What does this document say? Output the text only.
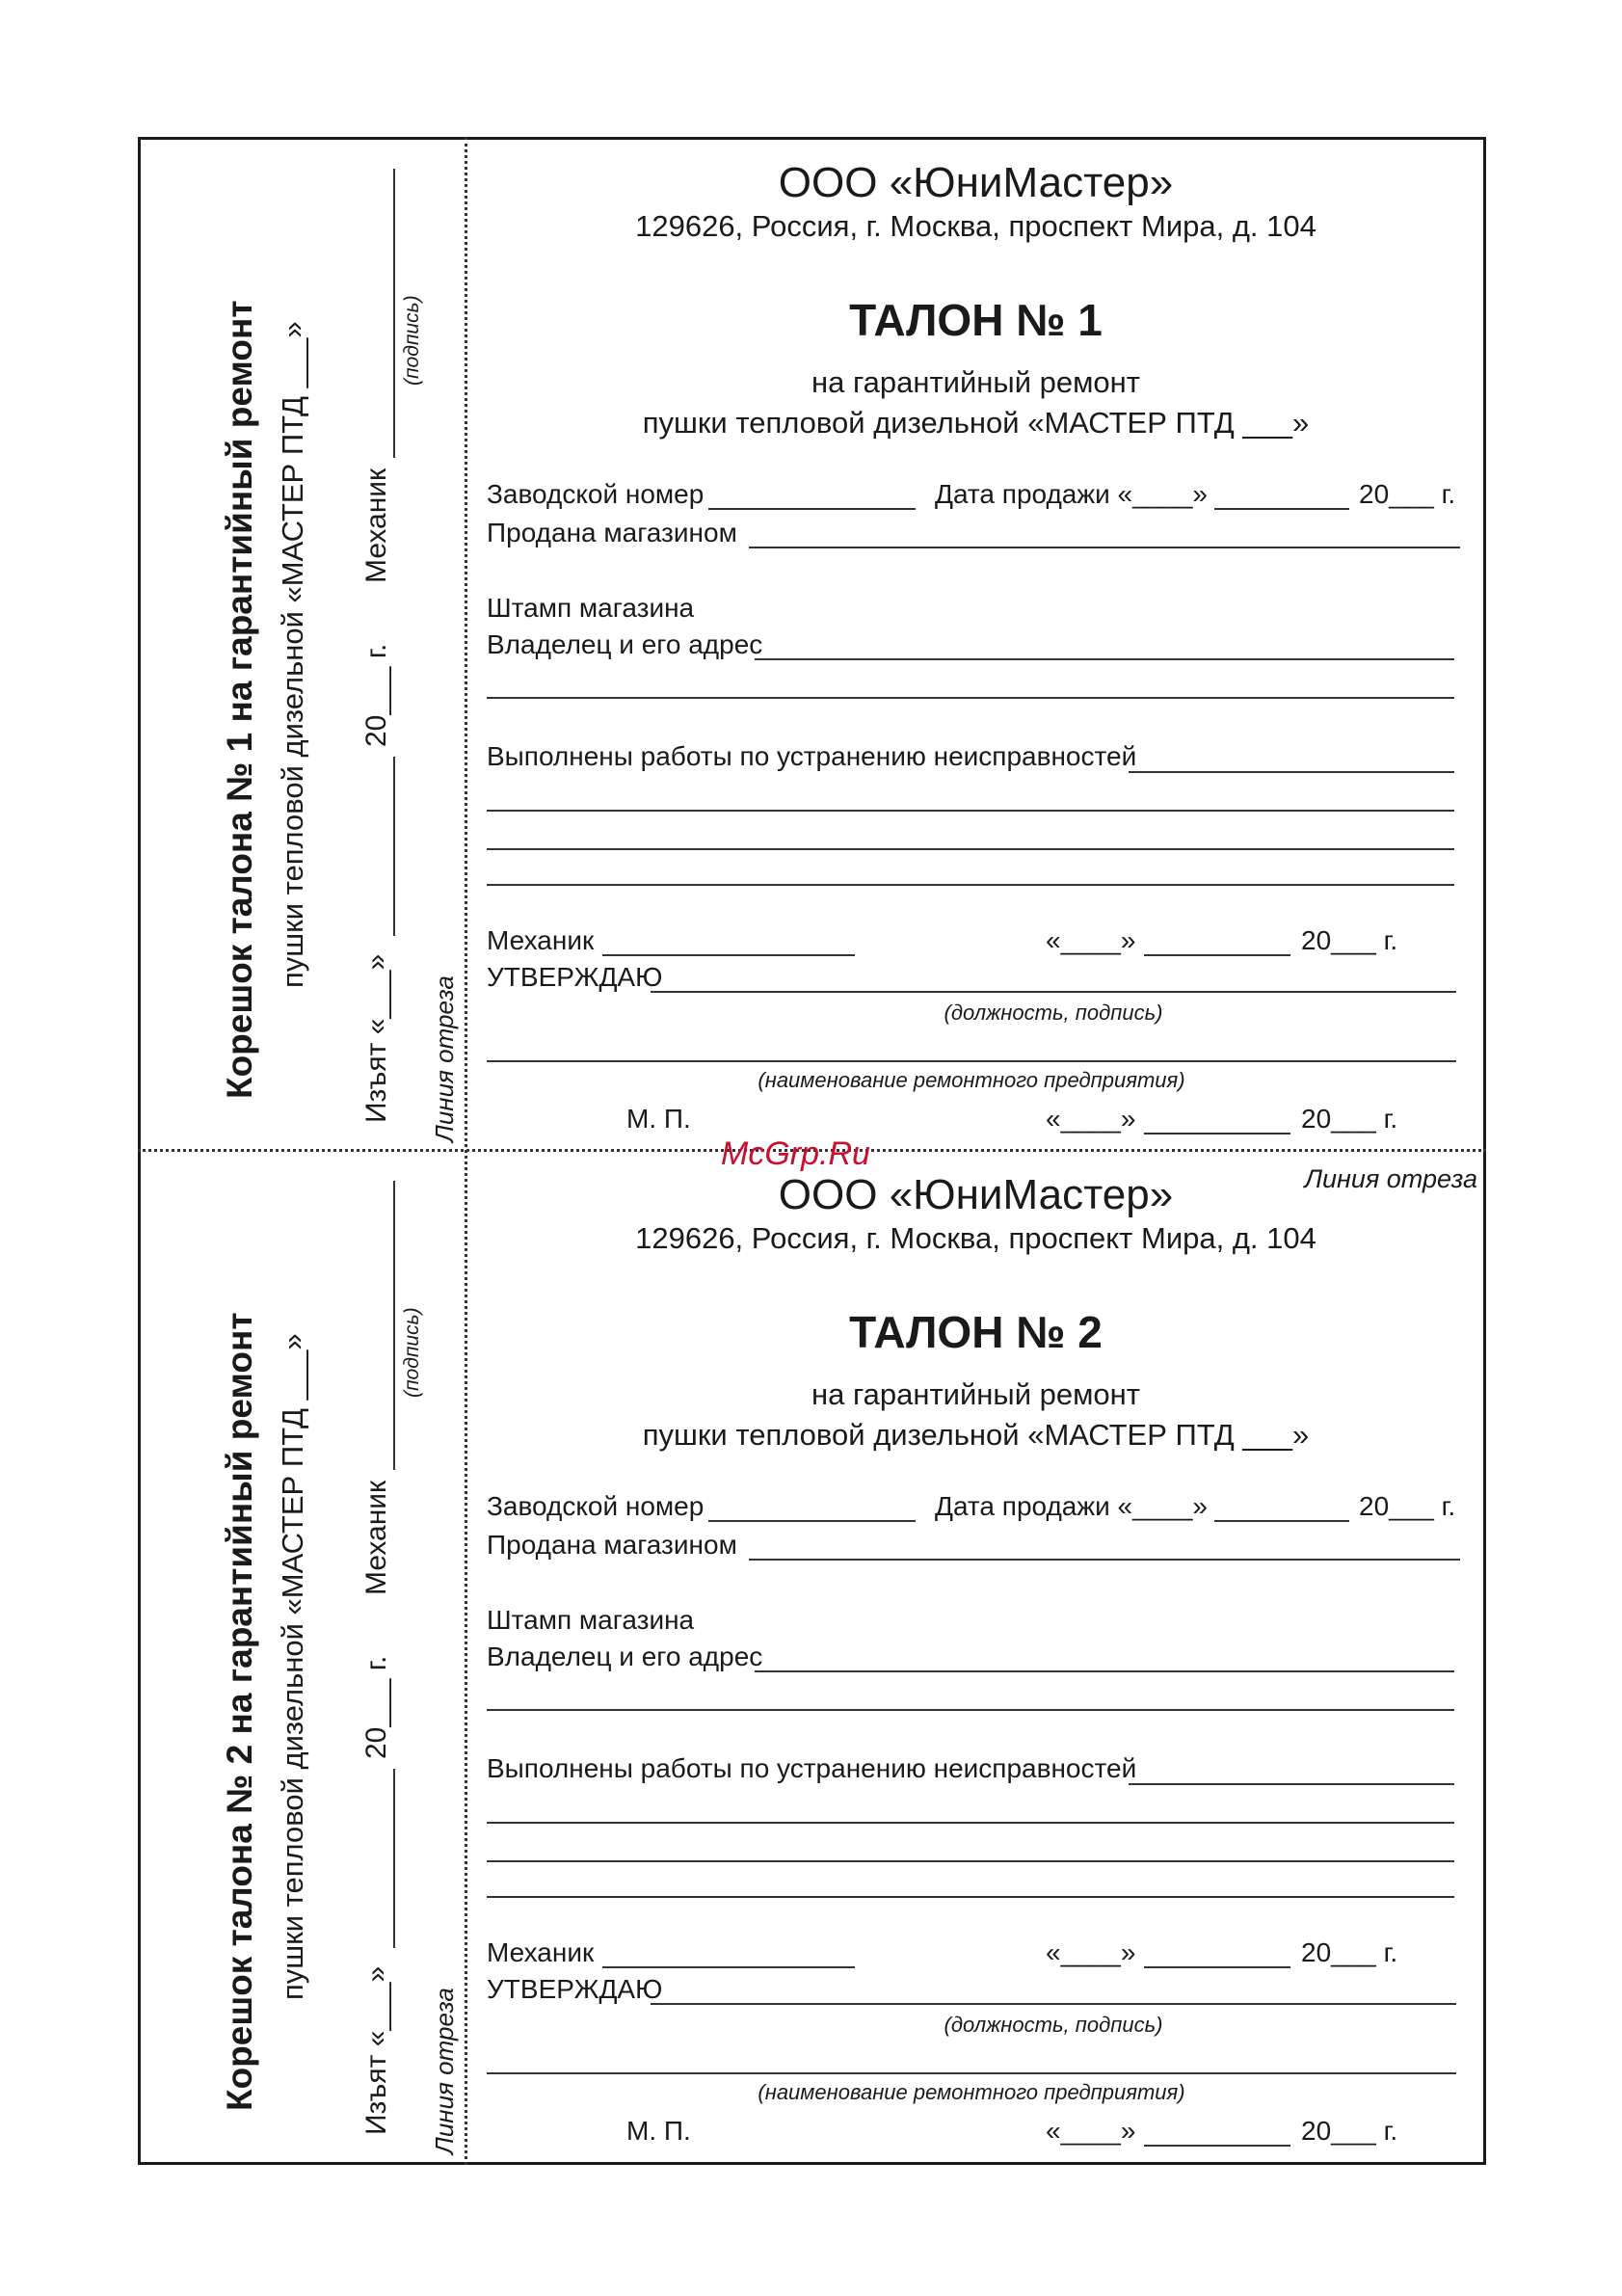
ООО «ЮниМастер»
129626, Россия, г. Москва, проспект Мира, д. 104
ТАЛОН № 1
на гарантийный ремонт
пушки тепловой дизельной «МАСТЕР ПТД ___»
Заводской номер	Дата продажи «____»	20___ г.
Продана магазином
Штамп магазина
Владелец и его адрес
Выполнены работы по устранению неисправностей
Механик	«____»	20___ г.
УТВЕРЖДАЮ
(должность, подпись)
(наименование ремонтного предприятия)
М. П.	«____»	20___ г.
Корешок талона № 1 на гарантийный ремонт пушки тепловой дизельной «МАСТЕР ПТД ___»
Изъят «___»
20___ г.
Механик
(подпись)
Линия отреза
McGrp.Ru
Линия отреза
ООО «ЮниМастер»
129626, Россия, г. Москва, проспект Мира, д. 104
ТАЛОН № 2
на гарантийный ремонт
пушки тепловой дизельной «МАСТЕР ПТД ___»
Заводской номер	Дата продажи «____»	20___ г.
Продана магазином
Штамп магазина
Владелец и его адрес
Выполнены работы по устранению неисправностей
Механик	«____»	20___ г.
УТВЕРЖДАЮ
(должность, подпись)
(наименование ремонтного предприятия)
М. П.	«____»	20___ г.
Корешок талона № 2 на гарантийный ремонт пушки тепловой дизельной «МАСТЕР ПТД ___»
Изъят «___»
20___ г.
Механик
(подпись)
Линия отреза
